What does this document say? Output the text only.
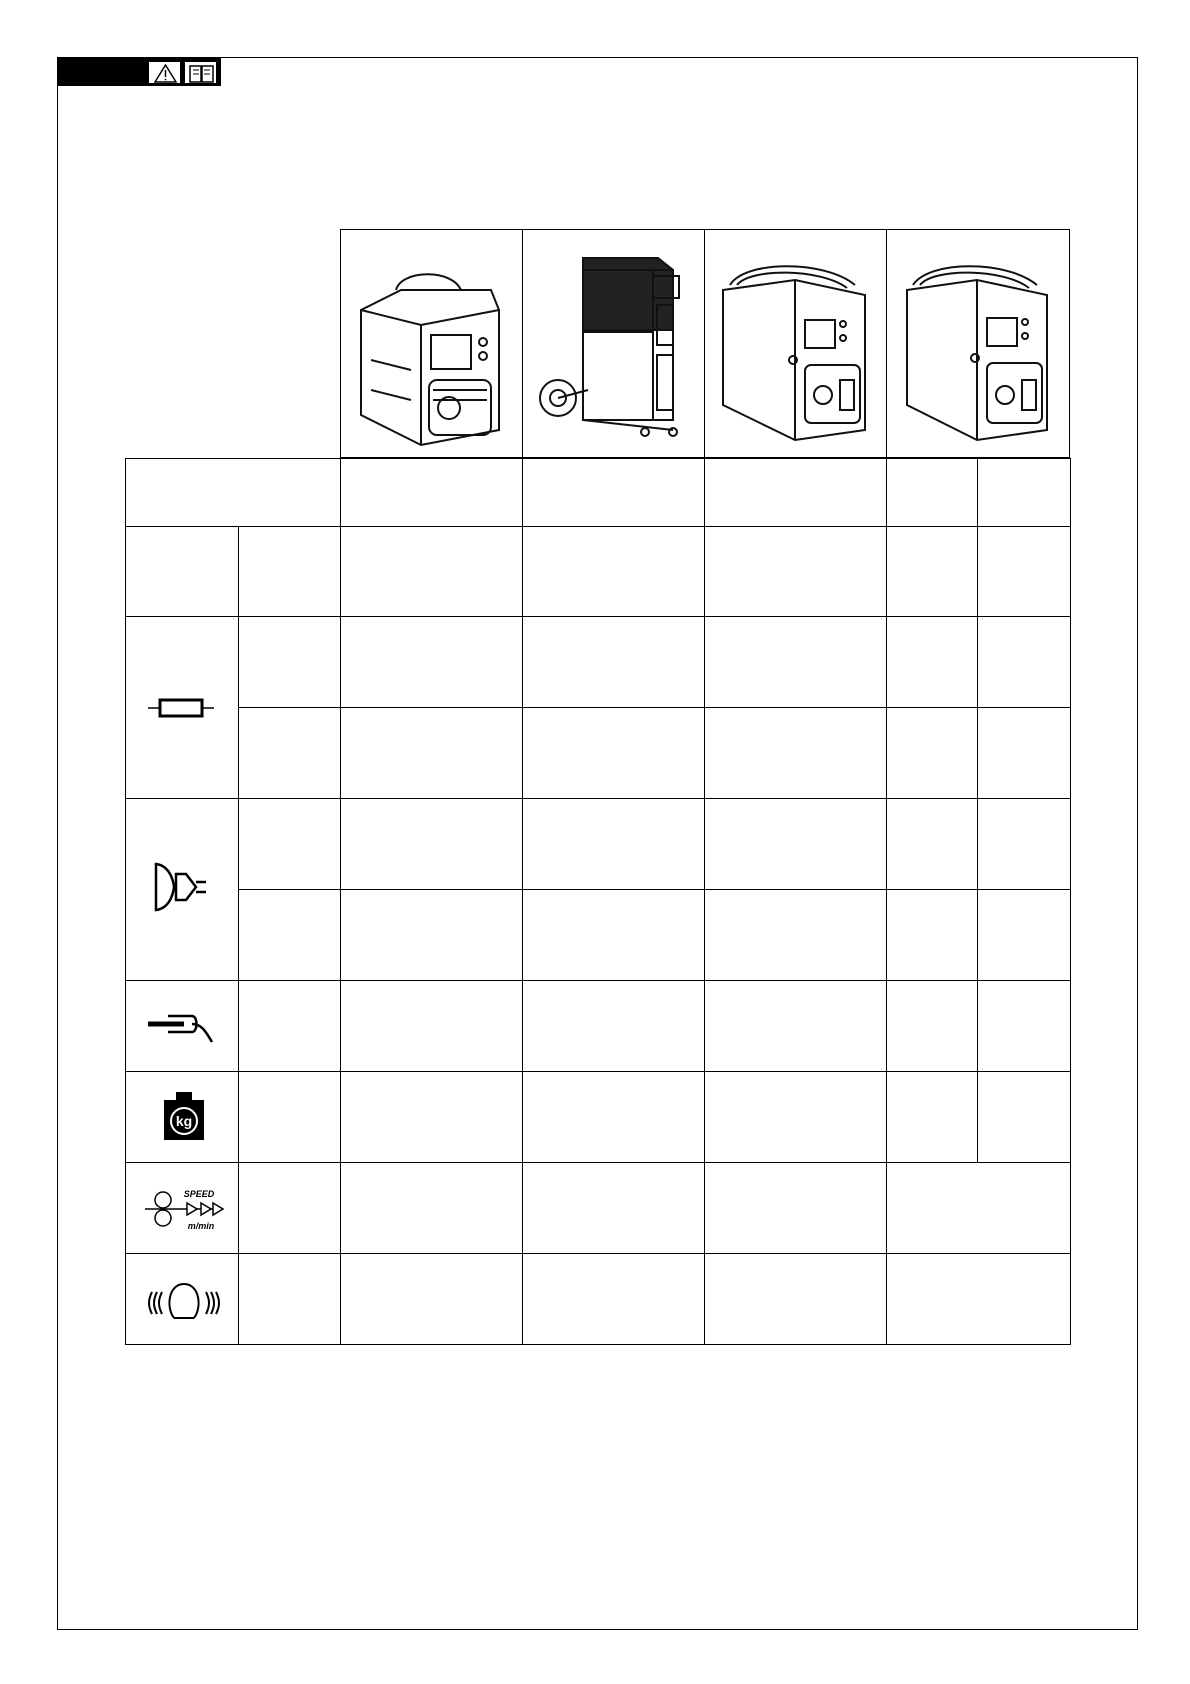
kg
SPEED
m/min
